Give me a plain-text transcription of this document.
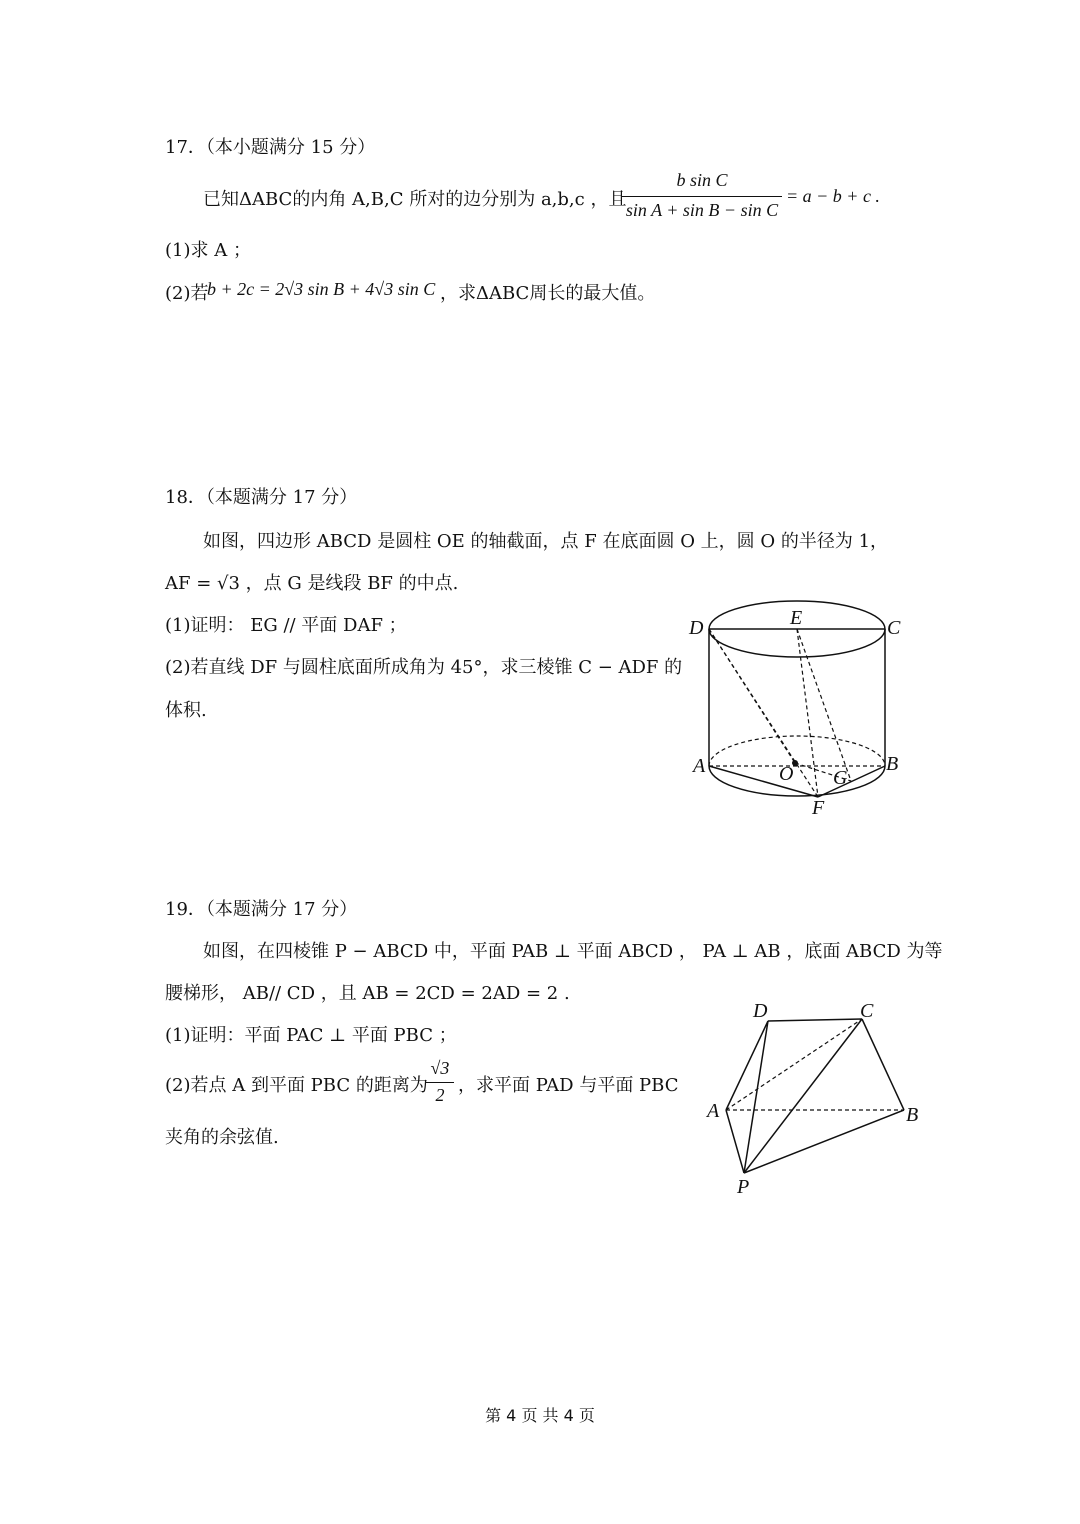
17．（本小题满分 15 分）
已知ΔABC的内角 A,B,C 所对的边分别为 a,b,c ，且
b sin C
sin A + sin B − sin C
= a − b + c .
(1)求 A ；
(2)若
b + 2c = 2√3 sin B + 4√3 sin C ，求ΔABC周长的最大值。
18．（本题满分 17 分）
如图，四边形 ABCD 是圆柱 OE 的轴截面，点 F 在底面圆 O 上，圆 O 的半径为 1，
AF = √3 ，点 G 是线段 BF 的中点.
(1)证明： EG // 平面 DAF ；
(2)若直线 DF 与圆柱底面所成角为 45°，求三棱锥 C − ADF 的
体积.
D	E	C
A	O G
B
F
19．（本题满分 17 分）
如图，在四棱锥 P − ABCD 中，平面 PAB ⊥ 平面 ABCD ， PA ⊥ AB ，底面 ABCD 为等
腰梯形， AB// CD ，且 AB = 2CD = 2AD = 2 .
(1)证明：平面 PAC ⊥ 平面 PBC ；
(2)若点 A 到平面 PBC 的距离为
√3
2 ，求平面 PAD 与平面 PBC
夹角的余弦值.
D	C
A	B
P
第 4 页 共 4 页
